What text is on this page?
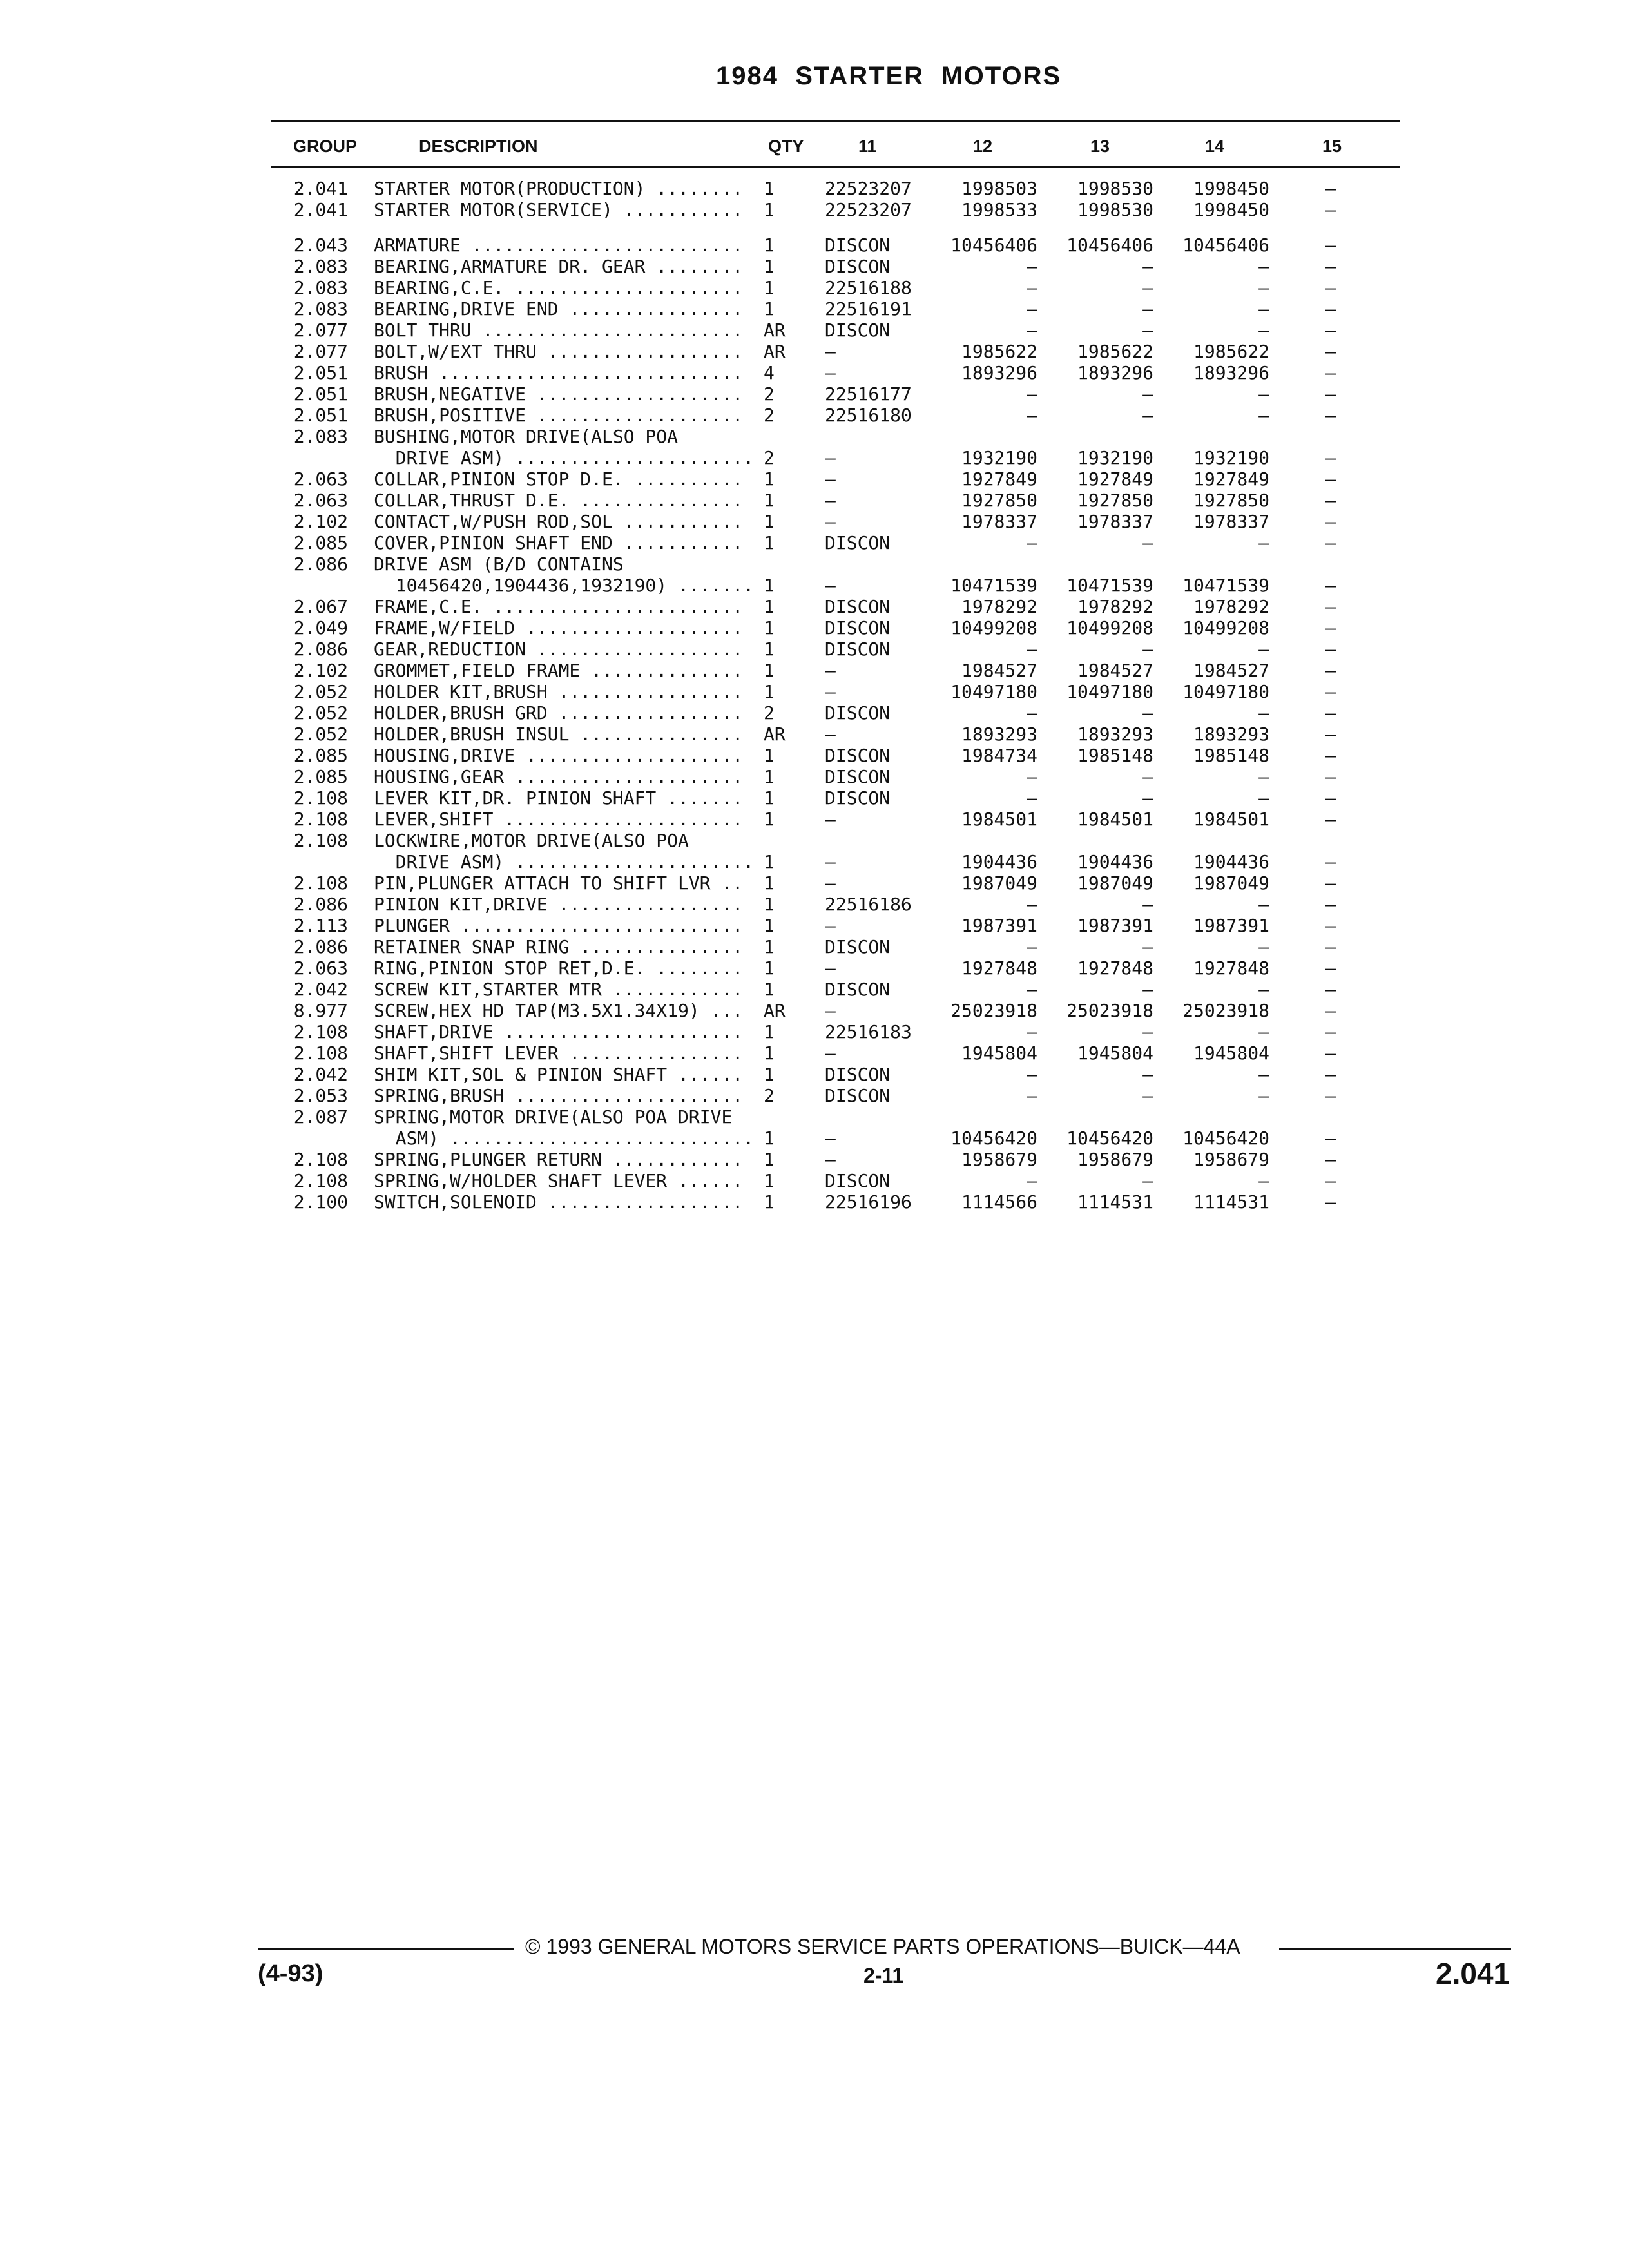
1984  STARTER  MOTORS
GROUP	DESCRIPTION	QTY	11	12	13	14	15
2.041 STARTER MOTOR(PRODUCTION) ........	1	22523207	1998503	1998530	1998450	—
2.041 STARTER MOTOR(SERVICE) ...........	1	22523207	1998533	1998530	1998450	—
2.043 ARMATURE .........................	1	DISCON	10456406	10456406	10456406	—
2.083 BEARING,ARMATURE DR. GEAR ........	1	DISCON	—	—	—	—
2.083 BEARING,C.E. .....................	1	22516188	—	—	—	—
2.083 BEARING,DRIVE END ................	1	22516191	—	—	—	—
2.077 BOLT THRU ........................	AR DISCON	—	—	—	—
2.077 BOLT,W/EXT THRU ..................	AR —	1985622	1985622	1985622	—
2.051 BRUSH ............................	4	—	1893296	1893296	1893296	—
2.051 BRUSH,NEGATIVE ...................	2	22516177	—	—	—	—
2.051 BRUSH,POSITIVE ...................	2	22516180	—	—	—	—
2.083 BUSHING,MOTOR DRIVE(ALSO POA
DRIVE ASM) ...................... 2	—	1932190	1932190	1932190	—
2.063 COLLAR,PINION STOP D.E. ..........	1	—	1927849	1927849	1927849	—
2.063 COLLAR,THRUST D.E. ...............	1	—	1927850	1927850	1927850	—
2.102 CONTACT,W/PUSH ROD,SOL ...........	1	—	1978337	1978337	1978337	—
2.085 COVER,PINION SHAFT END ...........	1	DISCON	—	—	—	—
2.086 DRIVE ASM (B/D CONTAINS
10456420,1904436,1932190) ....... 1	—	10471539	10471539	10471539	—
2.067 FRAME,C.E. .......................	1	DISCON	1978292	1978292	1978292	—
2.049 FRAME,W/FIELD ....................	1	DISCON	10499208	10499208	10499208	—
2.086 GEAR,REDUCTION ...................	1	DISCON	—	—	—	—
2.102 GROMMET,FIELD FRAME ..............	1	—	1984527	1984527	1984527	—
2.052 HOLDER KIT,BRUSH .................	1	—	10497180	10497180	10497180	—
2.052 HOLDER,BRUSH GRD .................	2	DISCON	—	—	—	—
2.052 HOLDER,BRUSH INSUL ...............	AR —	1893293	1893293	1893293	—
2.085 HOUSING,DRIVE ....................	1	DISCON	1984734	1985148	1985148	—
2.085 HOUSING,GEAR .....................	1	DISCON	—	—	—	—
2.108 LEVER KIT,DR. PINION SHAFT .......	1	DISCON	—	—	—	—
2.108 LEVER,SHIFT ......................	1	—	1984501	1984501	1984501	—
2.108 LOCKWIRE,MOTOR DRIVE(ALSO POA
DRIVE ASM) ...................... 1	—	1904436	1904436	1904436	—
2.108 PIN,PLUNGER ATTACH TO SHIFT LVR ..	1	—	1987049	1987049	1987049	—
2.086 PINION KIT,DRIVE .................	1	22516186	—	—	—	—
2.113 PLUNGER ..........................	1	—	1987391	1987391	1987391	—
2.086 RETAINER SNAP RING ...............	1	DISCON	—	—	—	—
2.063 RING,PINION STOP RET,D.E. ........	1	—	1927848	1927848	1927848	—
2.042 SCREW KIT,STARTER MTR ............	1	DISCON	—	—	—	—
8.977 SCREW,HEX HD TAP(M3.5X1.34X19) ...	AR —	25023918	25023918	25023918	—
2.108 SHAFT,DRIVE ......................	1	22516183	—	—	—	—
2.108 SHAFT,SHIFT LEVER ................	1	—	1945804	1945804	1945804	—
2.042 SHIM KIT,SOL & PINION SHAFT ......	1	DISCON	—	—	—	—
2.053 SPRING,BRUSH .....................	2	DISCON	—	—	—	—
2.087 SPRING,MOTOR DRIVE(ALSO POA DRIVE
ASM) ............................ 1	—	10456420	10456420	10456420	—
2.108 SPRING,PLUNGER RETURN ............	1	—	1958679	1958679	1958679	—
2.108 SPRING,W/HOLDER SHAFT LEVER ......	1	DISCON	—	—	—	—
2.100 SWITCH,SOLENOID ..................	1	22516196	1114566	1114531	1114531	—
© 1993 GENERAL MOTORS SERVICE PARTS OPERATIONS—BUICK—44A
(4-93)	2-11	2.041
